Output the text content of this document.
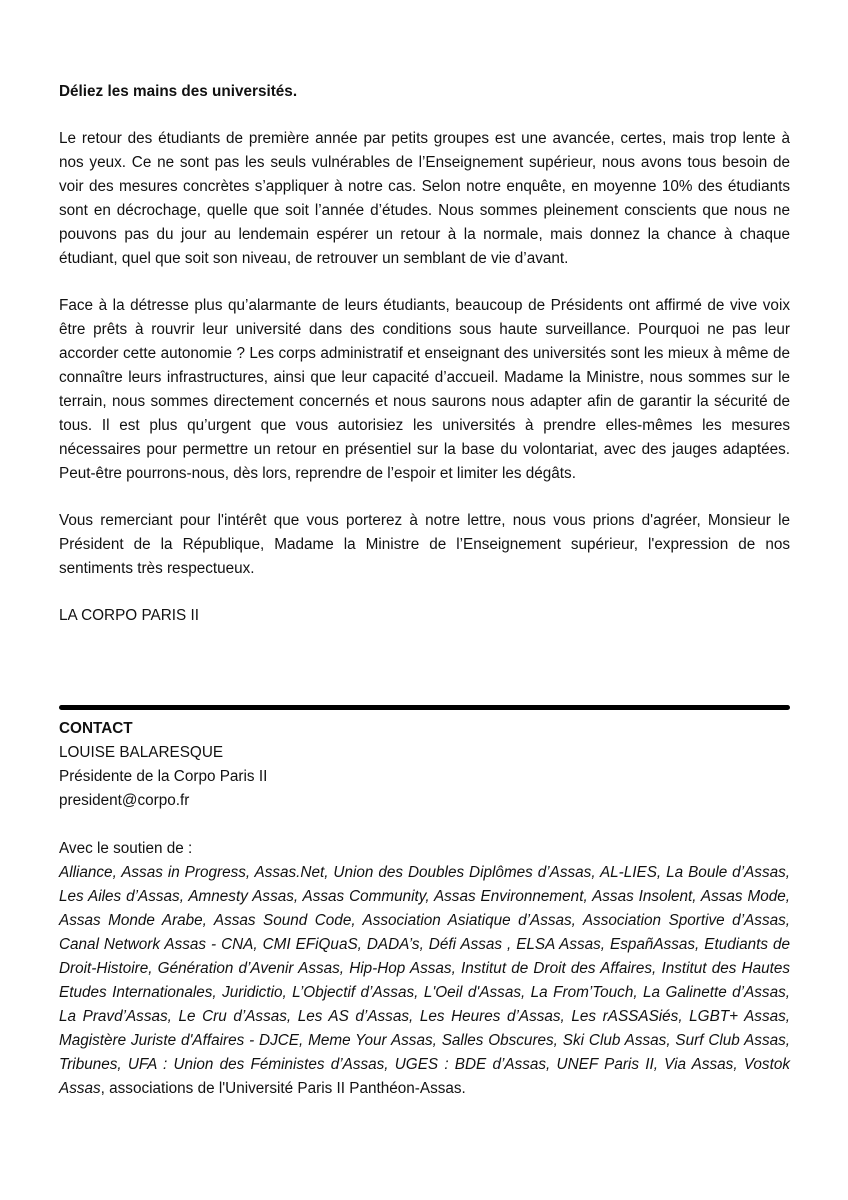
Déliez les mains des universités.

Le retour des étudiants de première année par petits groupes est une avancée, certes, mais trop lente à nos yeux. Ce ne sont pas les seuls vulnérables de l’Enseignement supérieur, nous avons tous besoin de voir des mesures concrètes s’appliquer à notre cas. Selon notre enquête, en moyenne 10% des étudiants sont en décrochage, quelle que soit l’année d’études. Nous sommes pleinement conscients que nous ne pouvons pas du jour au lendemain espérer un retour à la normale, mais donnez la chance à chaque étudiant, quel que soit son niveau, de retrouver un semblant de vie d’avant.

Face à la détresse plus qu’alarmante de leurs étudiants, beaucoup de Présidents ont affirmé de vive voix être prêts à rouvrir leur université dans des conditions sous haute surveillance. Pourquoi ne pas leur accorder cette autonomie ? Les corps administratif et enseignant des universités sont les mieux à même de connaître leurs infrastructures, ainsi que leur capacité d’accueil. Madame la Ministre, nous sommes sur le terrain, nous sommes directement concernés et nous saurons nous adapter afin de garantir la sécurité de tous. Il est plus qu’urgent que vous autorisiez les universités à prendre elles-mêmes les mesures nécessaires pour permettre un retour en présentiel sur la base du volontariat, avec des jauges adaptées. Peut-être pourrons-nous, dès lors, reprendre de l’espoir et limiter les dégâts.

Vous remerciant pour l'intérêt que vous porterez à notre lettre, nous vous prions d'agréer, Monsieur le Président de la République, Madame la Ministre de l’Enseignement supérieur, l'expression de nos sentiments très respectueux.

LA CORPO PARIS II

CONTACT
LOUISE BALARESQUE
Présidente de la Corpo Paris II
president@corpo.fr
Avec le soutien de :
Alliance, Assas in Progress, Assas.Net, Union des Doubles Diplômes d’Assas, AL-LIES, La Boule d’Assas, Les Ailes d’Assas, Amnesty Assas, Assas Community, Assas Environnement, Assas Insolent, Assas Mode, Assas Monde Arabe, Assas Sound Code, Association Asiatique d’Assas, Association Sportive d’Assas, Canal Network Assas - CNA, CMI EFiQuaS, DADA’s, Défi Assas , ELSA Assas, EspañAssas, Etudiants de Droit-Histoire, Génération d’Avenir Assas, Hip-Hop Assas, Institut de Droit des Affaires, Institut des Hautes Etudes Internationales, Juridictio, L’Objectif d’Assas, L'Oeil d'Assas, La From’Touch, La Galinette d’Assas, La Pravd’Assas, Le Cru d’Assas, Les AS d’Assas, Les Heures d’Assas, Les rASSASiés, LGBT+ Assas, Magistère Juriste d'Affaires - DJCE, Meme Your Assas, Salles Obscures, Ski Club Assas, Surf Club Assas, Tribunes, UFA : Union des Féministes d’Assas, UGES : BDE d’Assas, UNEF Paris II, Via Assas, Vostok Assas, associations de l'Université Paris II Panthéon-Assas.
